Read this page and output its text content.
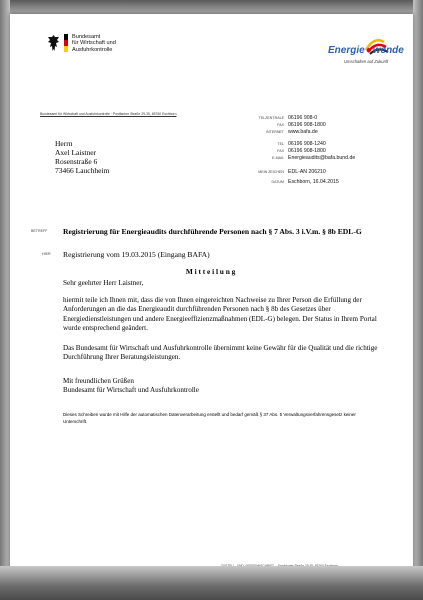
Bundesamt
für Wirtschaft und
Ausfuhrkontrolle	Energie●wende
Umschalten auf Zukunft
Bundesamt für Wirtschaft und Ausfuhrkontrolle · Postfacher Straße 29-35, 65760 Eschborn
Herrn
Axel Laistner
Rosenstraße 6
73466 Lauchheim
TELZENTRALE 06196 908-0
FAX 06196 908-1800
INTERNET www.bafa.de
TEL 06196 908-1240
FAX 06196 908-1800
E-MAIL Energieaudits@bafa.bund.de
MEIN ZEICHEN EDL-AN 206210
DATUM Eschborn, 16.04.2015
BETREFF Registrierung für Energieaudits durchführende Personen nach § 7 Abs. 3 i.V.m. § 8b EDL-G
HIER Registrierung vom 19.03.2015 (Eingang BAFA)
Mitteilung
Sehr geehrter Herr Laistner,
hiermit teile ich Ihnen mit, dass die von Ihnen eingereichten Nachweise zu Ihrer Person die Erfüllung der Anforderungen an die das Energieaudit durchführenden Personen nach § 8b des Gesetzes über Energiedienstleistungen und andere Energieeffizienzmaßnahmen (EDL-G) belegen. Der Status in Ihrem Portal wurde entsprechend geändert.
Das Bundesamt für Wirtschaft und Ausfuhrkontrolle übernimmt keine Gewähr für die Qualität und die richtige Durchführung Ihrer Beratungsleistungen.
Mit freundlichen Grüßen
Bundesamt für Wirtschaft und Ausfuhrkontrolle
Dieses Schreiben wurde mit Hilfe der automatischen Datenverarbeitung erstellt und bedarf gemäß § 37 Abs. 5 Verwaltungsverfahrensgesetz keiner Unterschrift.
